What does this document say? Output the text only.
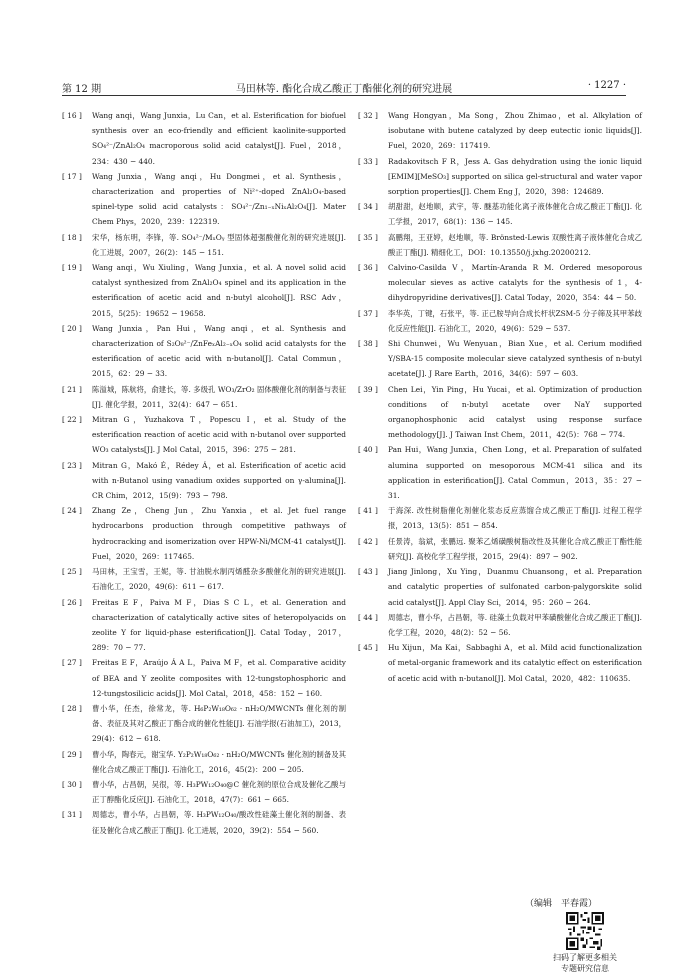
第 12 期	马田林等. 酯化合成乙酸正丁酯催化剂的研究进展	· 1227 ·

[ 16 ] Wang anqi，Wang Junxia，Lu Can，et al. Esterification for biofuel synthesis over an eco-friendly and efficient kaolinite-supported SO₄²⁻/ZnAl₂O₄ macroporous solid acid catalyst[J]. Fuel，2018，234：430 − 440.

[ 17 ] Wang Junxia，Wang anqi，Hu Dongmei，et al. Synthesis，characterization and properties of Ni²⁺-doped ZnAl₂O₄-based spinel-type solid acid catalysts：SO₄²⁻/Zn₁₋ₓNiₓAl₂O₄[J]. Mater Chem Phys，2020，239：122319.

[ 18 ] 宋华，杨东明，李锋，等. SO₄²⁻/MₓOᵧ 型固体超强酸催化剂的研究进展[J]. 化工进展，2007，26(2)：145 − 151.

[ 19 ] Wang anqi，Wu Xiuling，Wang Junxia，et al. A novel solid acid catalyst synthesized from ZnAl₂O₄ spinel and its application in the esterification of acetic acid and n-butyl alcohol[J]. RSC Adv，2015，5(25)：19652 − 19658.

[ 20 ] Wang Junxia，Pan Hui，Wang anqi，et al. Synthesis and characterization of S₂O₈²⁻/ZnFeₓAl₂₋ₓO₄ solid acid catalysts for the esterification of acetic acid with n-butanol[J]. Catal Commun，2015，62：29 − 33.

[ 21 ] 陈溢城，陈航将，俞建长，等. 多级孔 WO₃/ZrO₂ 固体酸催化剂的制备与表征[J]. 催化学报，2011，32(4)：647 − 651.

[ 22 ] Mitran G，Yuzhakova T，Popescu I，et al. Study of the esterification reaction of acetic acid with n-butanol over supported WO₃ catalysts[J]. J Mol Catal，2015，396：275 − 281.

[ 23 ] Mitran G，Makó É，Rédey Á，et al. Esterification of acetic acid with n-Butanol using vanadium oxides supported on γ-alumina[J]. CR Chim，2012，15(9)：793 − 798.

[ 24 ] Zhang Ze，Cheng Jun，Zhu Yanxia，et al. Jet fuel range hydrocarbons production through competitive pathways of hydrocracking and isomerization over HPW-Ni/MCM-41 catalyst[J]. Fuel，2020，269：117465.

[ 25 ] 马田林，王宝雪，王妮，等. 甘油脱水制丙烯醛杂多酸催化剂的研究进展[J]. 石油化工，2020，49(6)：611 − 617.

[ 26 ] Freitas E F，Paiva M F，Dias S C L，et al. Generation and characterization of catalytically active sites of heteropolyacids on zeolite Y for liquid-phase esterification[J]. Catal Today，2017，289：70 − 77.

[ 27 ] Freitas E F，Araújo Á A L，Paiva M F，et al. Comparative acidity of BEA and Y zeolite composites with 12-tungstophosphoric and 12-tungstosilicic acids[J]. Mol Catal，2018，458：152 − 160.

[ 28 ] 曹小华，任杰，徐常龙，等. H₆P₂W₁₈O₆₂ · nH₂O/MWCNTs 催化剂的制备、表征及其对乙酸正丁酯合成的催化性能[J]. 石油学报(石油加工)，2013，29(4)：612 − 618.

[ 29 ] 曹小华，陶春元，谢宝华. Y₂P₂W₁₈O₆₂ · nH₂O/MWCNTs 催化剂的制备及其催化合成乙酸正丁酯[J]. 石油化工，2016，45(2)：200 − 205.

[ 30 ] 曹小华，占昌朝，吴很，等. H₃PW₁₂O₄₀@C 催化剂的原位合成及催化乙酸与正丁醇酯化反应[J]. 石油化工，2018，47(7)：661 − 665.

[ 31 ] 周德志，曹小华，占昌朝，等. H₃PW₁₂O₄₀/酸改性硅藻土催化剂的制备、表征及催化合成乙酸正丁酯[J]. 化工进展，2020，39(2)：554 − 560.

[ 32 ] Wang Hongyan，Ma Song，Zhou Zhimao，et al. Alkylation of isobutane with butene catalyzed by deep eutectic ionic liquids[J]. Fuel，2020，269：117419.

[ 33 ] Radakovitsch F R，Jess A. Gas dehydration using the ionic liquid [EMIM][MeSO₃] supported on silica gel-structural and water vapor sorption properties[J]. Chem Eng J，2020，398：124689.

[ 34 ] 胡甜甜，赵地顺，武宇，等. 醚基功能化离子液体催化合成乙酸正丁酯[J]. 化工学报，2017，68(1)：136 − 145.

[ 35 ] 高鹏翔，王亚婷，赵地顺，等. Brönsted-Lewis 双酸性离子液体催化合成乙酸正丁酯[J]. 精细化工，DOI：10.13550/j.jxhg.20200212.

[ 36 ] Calvino-Casilda V，Martín-Aranda R M. Ordered mesoporous molecular sieves as active catalyts for the synthesis of 1，4-dihydropyridine derivatives[J]. Catal Today，2020，354：44 − 50.

[ 37 ] 李华英，丁键，石张平，等. 正己胺导向合成长杆状ZSM-5 分子筛及其甲苯歧化反应性能[J]. 石油化工，2020，49(6)：529 − 537.

[ 38 ] Shi Chunwei，Wu Wenyuan，Bian Xue，et al. Cerium modified Y/SBA-15 composite molecular sieve catalyzed synthesis of n-butyl acetate[J]. J Rare Earth，2016，34(6)：597 − 603.

[ 39 ] Chen Lei，Yin Ping，Hu Yucai，et al. Optimization of production conditions of n-butyl acetate over NaY supported organophosphonic acid catalyst using response surface methodology[J]. J Taiwan Inst Chem，2011，42(5)：768 − 774.

[ 40 ] Pan Hui，Wang Junxia，Chen Long，et al. Preparation of sulfated alumina supported on mesoporous MCM-41 silica and its application in esterification[J]. Catal Commun，2013，35：27 − 31.

[ 41 ] 于海深. 改性树脂催化剂催化浆态反应蒸馏合成乙酸正丁酯[J]. 过程工程学报，2013，13(5)：851 − 854.

[ 42 ] 任景涛，翁斌，张鹏远. 聚苯乙烯磺酸树脂改性及其催化合成乙酸正丁酯性能研究[J]. 高校化学工程学报，2015，29(4)：897 − 902.

[ 43 ] Jiang Jinlong，Xu Ying，Duanmu Chuansong，et al. Preparation and catalytic properties of sulfonated carbon-palygorskite solid acid catalyst[J]. Appl Clay Sci，2014，95：260 − 264.

[ 44 ] 周德志，曹小华，占昌朝，等. 硅藻土负载对甲苯磺酸催化合成乙酸正丁酯[J]. 化学工程，2020，48(2)：52 − 56.

[ 45 ] Hu Xijun，Ma Kai，Sabbaghi A，et al. Mild acid functionalization of metal-organic framework and its catalytic effect on esterification of acetic acid with n-butanol[J]. Mol Catal，2020，482：110635.

（编辑　平春霞）
扫码了解更多相关
专题研究信息
